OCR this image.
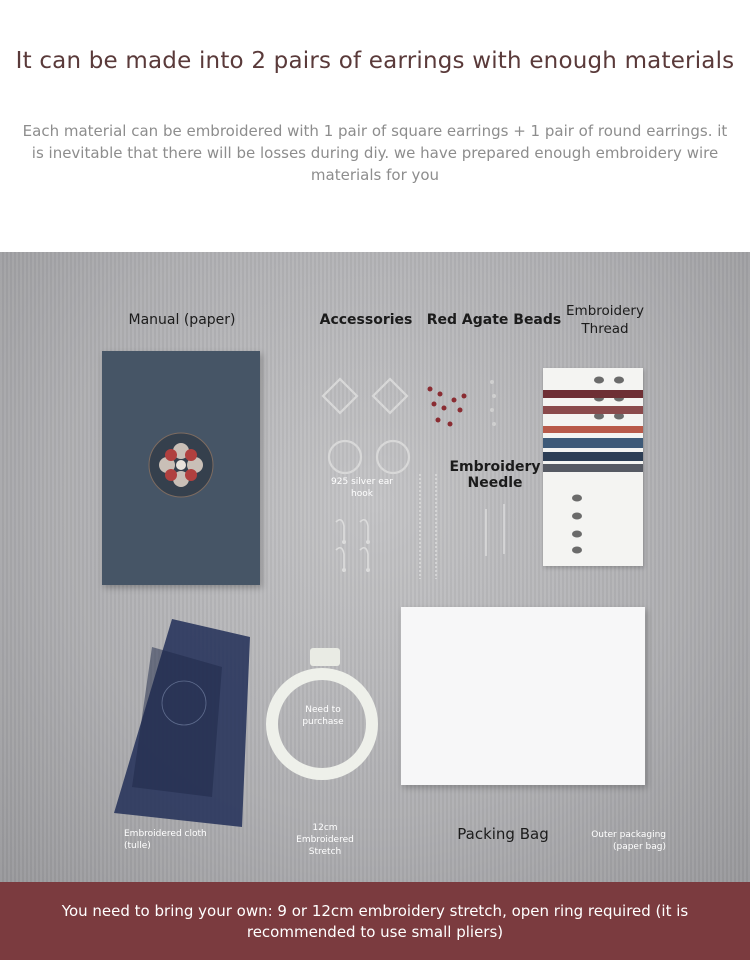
It can be made into 2 pairs of earrings with enough materials
Each material can be embroidered with 1 pair of square earrings + 1 pair of round earrings. it is inevitable that there will be losses during diy. we have prepared enough embroidery wire materials for you
Manual (paper)	Accessories
925 silver ear hook
Red Agate Beads
Embroidery Thread
Embroidery Needle
Embroidered cloth (tulle)
Need to purchase
12cm Embroidered Stretch
Packing Bag	Outer packaging (paper bag)
You need to bring your own: 9 or 12cm embroidery stretch, open ring required (it is recommended to use small pliers)
